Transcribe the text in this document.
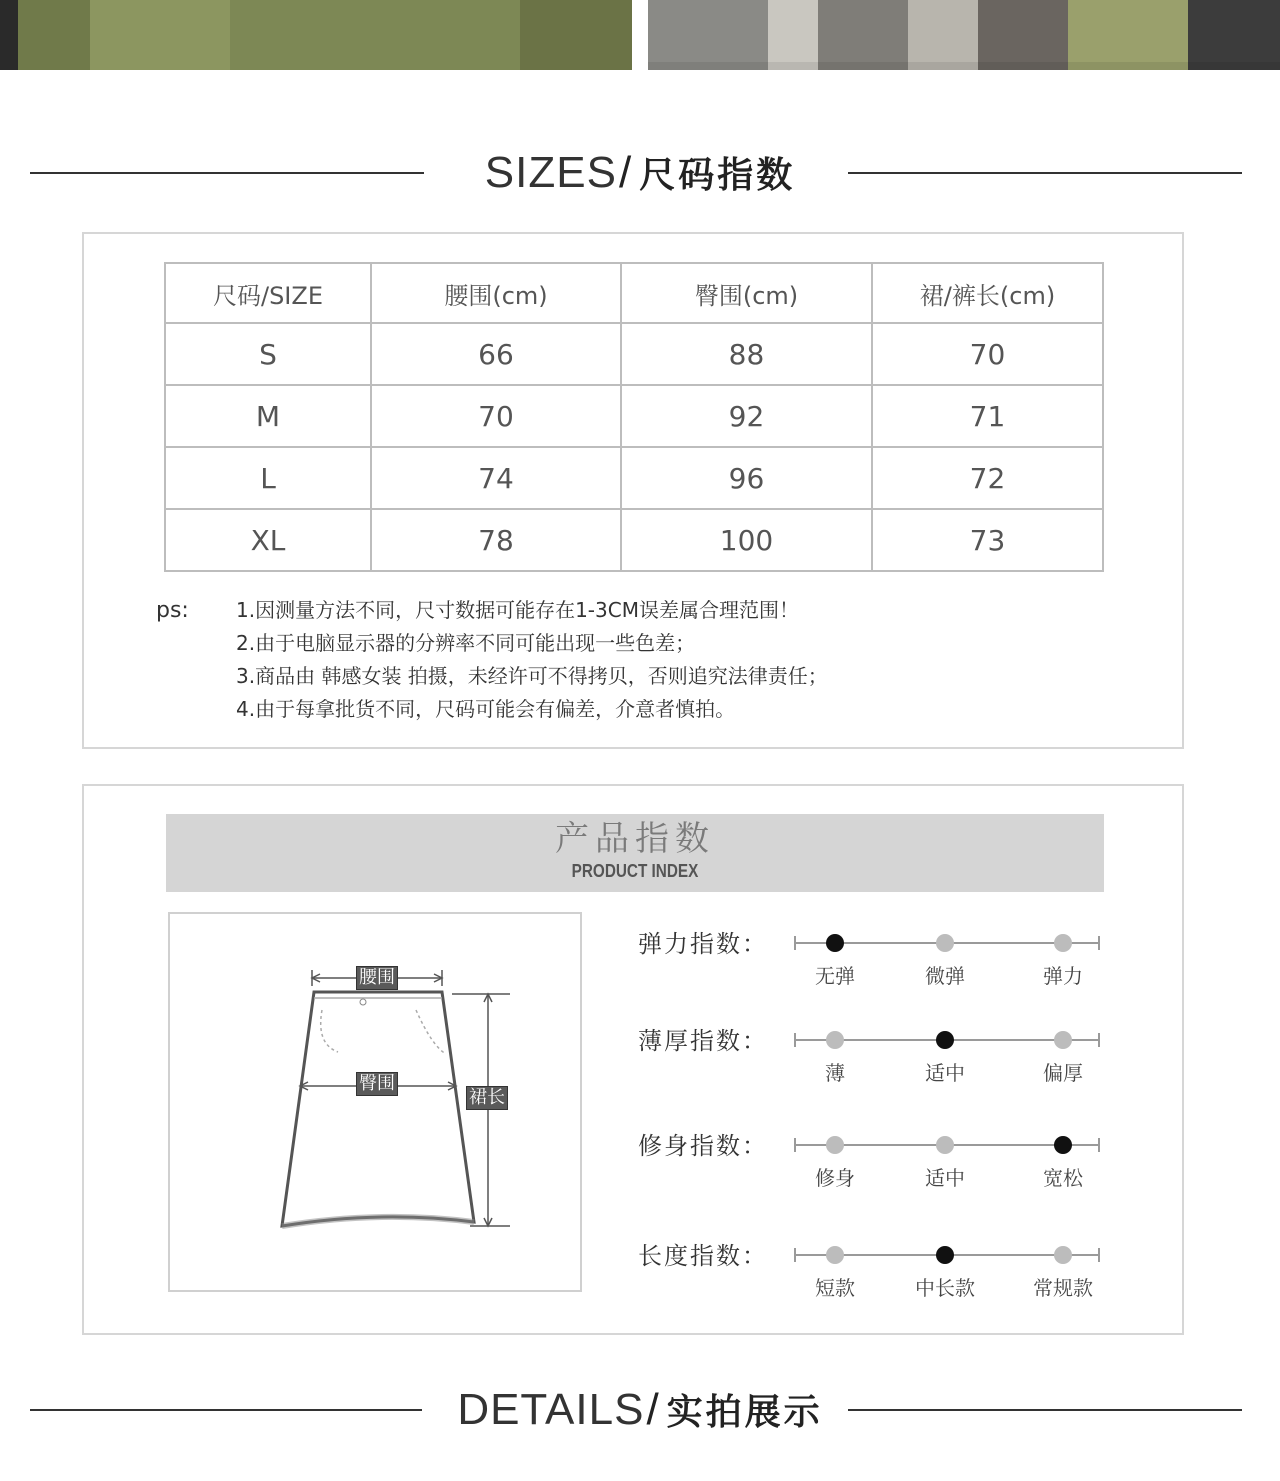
SIZES/ 尺码指数
尺码/SIZE	腰围(cm)	臀围(cm)	裙/裤长(cm)
S	66	88	70
M	70	92	71
L	74	96	72
XL	78	100	73
ps: 1.因测量方法不同，尺寸数据可能存在1-3CM误差属合理范围！
2.由于电脑显示器的分辨率不同可能出现一些色差；
3.商品由 韩感女装 拍摄，未经许可不得拷贝，否则追究法律责任；
4.由于每拿批货不同，尺码可能会有偏差，介意者慎拍。
产品指数
PRODUCT INDEX
腰围
臀围
裙长
弹力指数：
无弹	微弹	弹力
薄厚指数：
薄	适中	偏厚
修身指数：
修身	适中	宽松
长度指数：
短款	中长款	常规款
DETAILS/ 实拍展示
